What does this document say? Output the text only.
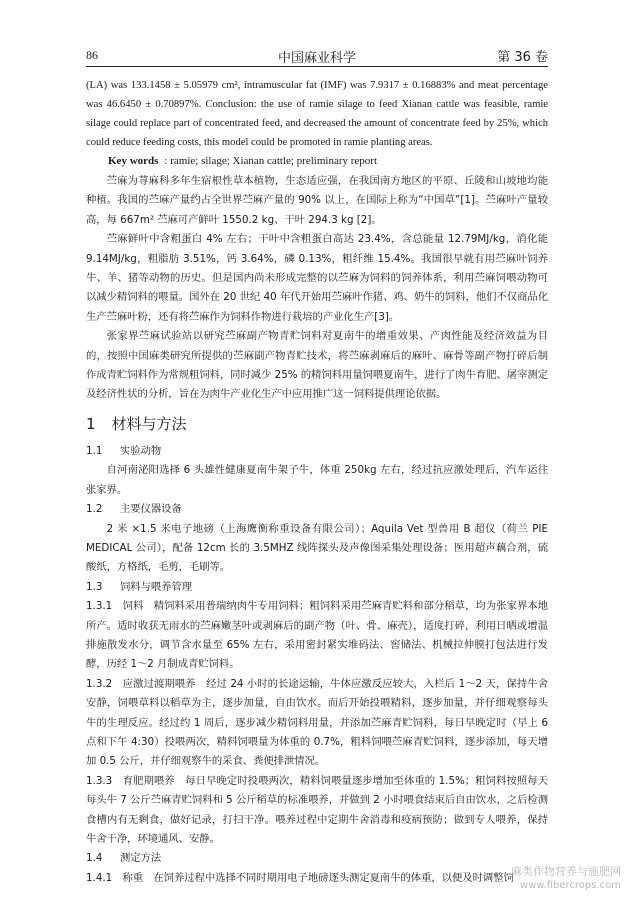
86	中国麻业科学	第 36 卷

(LA) was 133.1458 ± 5.05979 cm², intramuscular fat (IMF) was 7.9317 ± 0.16883% and meat percentage was 46.6450 ± 0.70897%. Conclusion: the use of ramie silage to feed Xianan cattle was feasible, ramie silage could replace part of concentrated feed, and decreased the amount of concentrate feed by 25%, which could reduce feeding costs, this model could be promoted in ramie planting areas.

Key words : ramie; silage; Xianan cattle; preliminary report

苎麻为荨麻科多年生宿根性草本植物，生态适应强，在我国南方地区的平原、丘陵和山坡地均能种植。我国的苎麻产量约占全世界苎麻产量的 90% 以上，在国际上称为“中国草”[1]。苎麻叶产量较高，每 667m² 苎麻可产鲜叶 1550.2 kg、干叶 294.3 kg [2]。

苎麻鲜叶中含粗蛋白 4% 左右；干叶中含粗蛋白高达 23.4%，含总能量 12.79MJ/kg，消化能 9.14MJ/kg，粗脂肪 3.51%，钙 3.64%，磷 0.13%，粗纤维 15.4%。我国很早就有用苎麻叶饲养牛、羊、猪等动物的历史。但是国内尚未形成完整的以苎麻为饲料的饲养体系，利用苎麻饲喂动物可以减少精饲料的喂量。国外在 20 世纪 40 年代开始用苎麻叶作猪、鸡、奶牛的饲料，他们不仅商品化生产苎麻叶粉，还有将苎麻作为饲料作物进行栽培的产业化生产[3]。

张家界苎麻试验站以研究苎麻副产物青贮饲料对夏南牛的增重效果、产肉性能及经济效益为目的，按照中国麻类研究所提供的苎麻副产物青贮技术，将苎麻剥麻后的麻叶、麻骨等副产物打碎后制作成青贮饲料作为常规粗饲料，同时减少 25% 的精饲料用量饲喂夏南牛，进行了肉牛育肥、屠宰测定及经济性状的分析，旨在为肉牛产业化生产中应用推广这一饲料提供理论依据。

1 材料与方法
1.1 实验动物

自河南泌阳选择 6 头雄性健康夏南牛架子牛，体重 250kg 左右，经过抗应激处理后，汽车运往张家界。

1.2 主要仪器设备

2 米 ×1.5 米电子地磅（上海鹰衡称重设备有限公司）；Aquila Vet 型兽用 B 超仪（荷兰 PIE MEDICAL 公司），配备 12cm 长的 3.5MHZ 线阵探头及声像图采集处理设备；医用超声藕合剂，硫酸纸，方格纸，毛剪，毛刷等。

1.3 饲料与喂养管理

1.3.1　饲料　精饲料采用普瑞纳肉牛专用饲料；粗饲料采用苎麻青贮料和部分稻草，均为张家界本地所产。适时收获无雨水的苎麻嫩茎叶或剥麻后的副产物（叶、骨、麻壳），适度打碎，利用日晒或增温排施散发水分，调节含水量至 65% 左右，采用密封紧实堆码法、窖储法、机械拉伸膜打包法进行发酵，历经 1～2 月制成青贮饲料。

1.3.2　应激过渡期喂养　经过 24 小时的长途运输，牛体应激反应较大，入栏后 1～2 天，保持牛舍安静，饲喂草料以稻草为主，逐步加量，自由饮水。而后开始投喂精料，逐步加量，并仔细观察每头牛的生理反应。经过约 1 周后，逐步减少精饲料用量，并添加苎麻青贮饲料，每日早晚定时（早上 6 点和下午 4:30）投喂两次，精料饲喂量为体重的 0.7%，粗料饲喂苎麻青贮饲料，逐步添加，每天增加 0.5 公斤，并仔细观察牛的采食、粪便排泄情况。

1.3.3　育肥期喂养　每日早晚定时投喂两次，精料饲喂量逐步增加至体重的 1.5%；粗饲料按照每天每头牛 7 公斤苎麻青贮饲料和 5 公斤稻草的标准喂养，并做到 2 小时喂食结束后自由饮水，之后检测食槽内有无剩食，做好记录，打扫干净。喂养过程中定期牛舍消毒和疫病预防；做到专人喂养，保持牛舍干净，环境通风、安静。

1.4 测定方法

1.4.1　称重　在饲养过程中选择不同时期用电子地磅逐头测定夏南牛的体重，以便及时调整饲

麻类作物营养与施肥网
www.fibercrops.com
